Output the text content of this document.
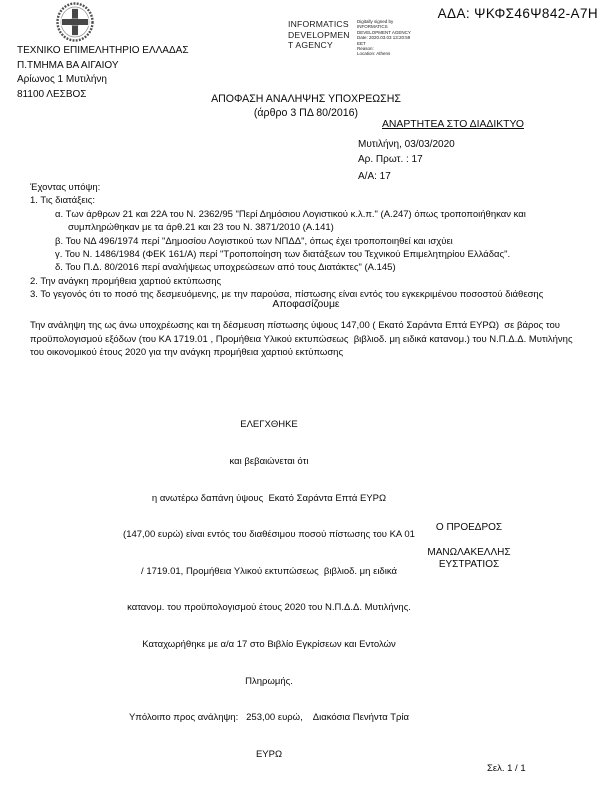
ΑΔΑ: ΨΚΦΣ46Ψ842-Α7Η
INFORMATICS DEVELOPMENT AGENCY
Digitally signed by
INFORMATICS
DEVELOPMENT AGENCY
Date: 2020.03.03 13:20:59
EET
Reason:
Location: Athens
ΤΕΧΝΙΚΟ ΕΠΙΜΕΛΗΤΗΡΙΟ ΕΛΛΑΔΑΣ
Π.ΤΜΗΜΑ ΒΑ ΑΙΓΑΙΟΥ
Αρίωνος 1 Μυτιλήνη
81100 ΛΕΣΒΟΣ	ΑΠΟΦΑΣΗ ΑΝΑΛΗΨΗΣ ΥΠΟΧΡΕΩΣΗΣ
(άρθρο 3 ΠΔ 80/2016)
ΑΝΑΡΤΗΤΕΑ ΣΤΟ ΔΙΑΔΙΚΤΥΟ
Μυτιλήνη, 03/03/2020
Αρ. Πρωτ. : 17
Α/Α: 17
Έχοντας υπόψη:
1. Τις διατάξεις:
α. Των άρθρων 21 και 22Α του Ν. 2362/95 "Περί Δημόσιου Λογιστικού κ.λ.π." (Α.247) όπως τροποποιήθηκαν και
συμπληρώθηκαν με τα άρθ.21 και 23 του Ν. 3871/2010 (Α.141)
β. Του ΝΔ 496/1974 περί "Δημοσίου Λογιστικού των ΝΠΔΔ", όπως έχει τροποποιηθεί και ισχύει
γ. Του Ν. 1486/1984 (ΦΕΚ 161/Α) περί "Τροποποίηση των διατάξεων του Τεχνικού Επιμελητηρίου Ελλάδας".
δ. Του Π.Δ. 80/2016 περί αναλήψεως υποχρεώσεων από τους Διατάκτες" (Α.145)
2. Την ανάγκη προμήθεια χαρτιού εκτύπωσης
3. Το γεγονός ότι το ποσό της δεσμευόμενης, με την παρούσα, πίστωσης είναι εντός του εγκεκριμένου ποσοστού διάθεσης
Αποφασίζουμε
Την ανάληψη της ως άνω υποχρέωσης και τη δέσμευση πίστωσης ύψους 147,00 ( Εκατό Σαράντα Επτά ΕΥΡΩ)  σε βάρος του προϋπολογισμού εξόδων (του ΚΑ 1719.01 , Προμήθεια Υλικού εκτυπώσεως  βιβλιοδ. μη ειδικά κατανομ.) του Ν.Π.Δ.Δ. Μυτιλήνης του οικονομικού έτους 2020 για την ανάγκη προμήθεια χαρτιού εκτύπωσης

ΕΛΕΓΧΘΗΚΕ

και βεβαιώνεται ότι

η ανωτέρω δαπάνη ύψους  Εκατό Σαράντα Επτά ΕΥΡΩ

(147,00 ευρώ) είναι εντός του διαθέσιμου ποσού πίστωσης του ΚΑ 01

/ 1719.01, Προμήθεια Υλικού εκτυπώσεως  βιβλιοδ. μη ειδικά

κατανομ. του προϋπολογισμού έτους 2020 του Ν.Π.Δ.Δ. Μυτιλήνης.

Καταχωρήθηκε με α/α 17 στο Βιβλίο Εγκρίσεων και Εντολών

Πληρωμής.

Υπόλοιπο προς ανάληψη:   253,00 ευρώ,    Διακόσια Πενήντα Τρία

ΕΥΡΩ

Ο ΠΡΟΕΔΡΟΣ
ΜΑΝΩΛΑΚΕΛΛΗΣ
ΕΥΣΤΡΑΤΙΟΣ
Σελ. 1 / 1
